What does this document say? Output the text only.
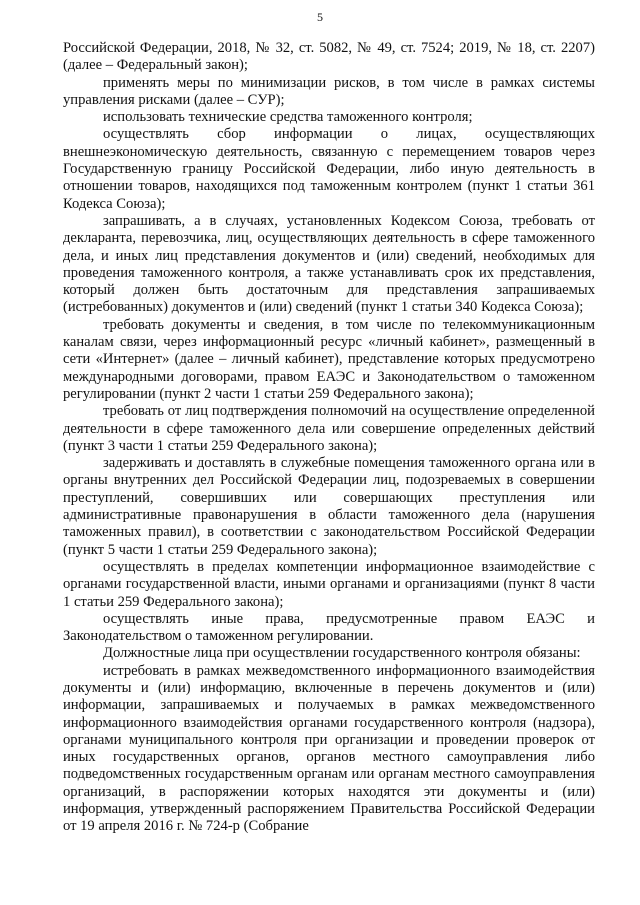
5

Российской Федерации, 2018, № 32, ст. 5082, № 49, ст. 7524; 2019, № 18, ст. 2207) (далее – Федеральный закон);

применять меры по минимизации рисков, в том числе в рамках системы управления рисками (далее – СУР);

использовать технические средства таможенного контроля;

осуществлять сбор информации о лицах, осуществляющих внешнеэкономическую деятельность, связанную с перемещением товаров через Государственную границу Российской Федерации, либо иную деятельность в отношении товаров, находящихся под таможенным контролем (пункт 1 статьи 361 Кодекса Союза);

запрашивать, а в случаях, установленных Кодексом Союза, требовать от декларанта, перевозчика, лиц, осуществляющих деятельность в сфере таможенного дела, и иных лиц представления документов и (или) сведений, необходимых для проведения таможенного контроля, а также устанавливать срок их представления, который должен быть достаточным для представления запрашиваемых (истребованных) документов и (или) сведений (пункт 1 статьи 340 Кодекса Союза);

требовать документы и сведения, в том числе по телекоммуникационным каналам связи, через информационный ресурс «личный кабинет», размещенный в сети «Интернет» (далее – личный кабинет), представление которых предусмотрено международными договорами, правом ЕАЭС и Законодательством о таможенном регулировании (пункт 2 части 1 статьи 259 Федерального закона);

требовать от лиц подтверждения полномочий на осуществление определенной деятельности в сфере таможенного дела или совершение определенных действий (пункт 3 части 1 статьи 259 Федерального закона);

задерживать и доставлять в служебные помещения таможенного органа или в органы внутренних дел Российской Федерации лиц, подозреваемых в совершении преступлений, совершивших или совершающих преступления или административные правонарушения в области таможенного дела (нарушения таможенных правил), в соответствии с законодательством Российской Федерации (пункт 5 части 1 статьи 259 Федерального закона);

осуществлять в пределах компетенции информационное взаимодействие с органами государственной власти, иными органами и организациями (пункт 8 части 1 статьи 259 Федерального закона);

осуществлять иные права, предусмотренные правом ЕАЭС и Законодательством о таможенном регулировании.

Должностные лица при осуществлении государственного контроля обязаны:

истребовать в рамках межведомственного информационного взаимодействия документы и (или) информацию, включенные в перечень документов и (или) информации, запрашиваемых и получаемых в рамках межведомственного информационного взаимодействия органами государственного контроля (надзора), органами муниципального контроля при организации и проведении проверок от иных государственных органов, органов местного самоуправления либо подведомственных государственным органам или органам местного самоуправления организаций, в распоряжении которых находятся эти документы и (или) информация, утвержденный распоряжением Правительства Российской Федерации от 19 апреля 2016 г. № 724-р (Собрание
